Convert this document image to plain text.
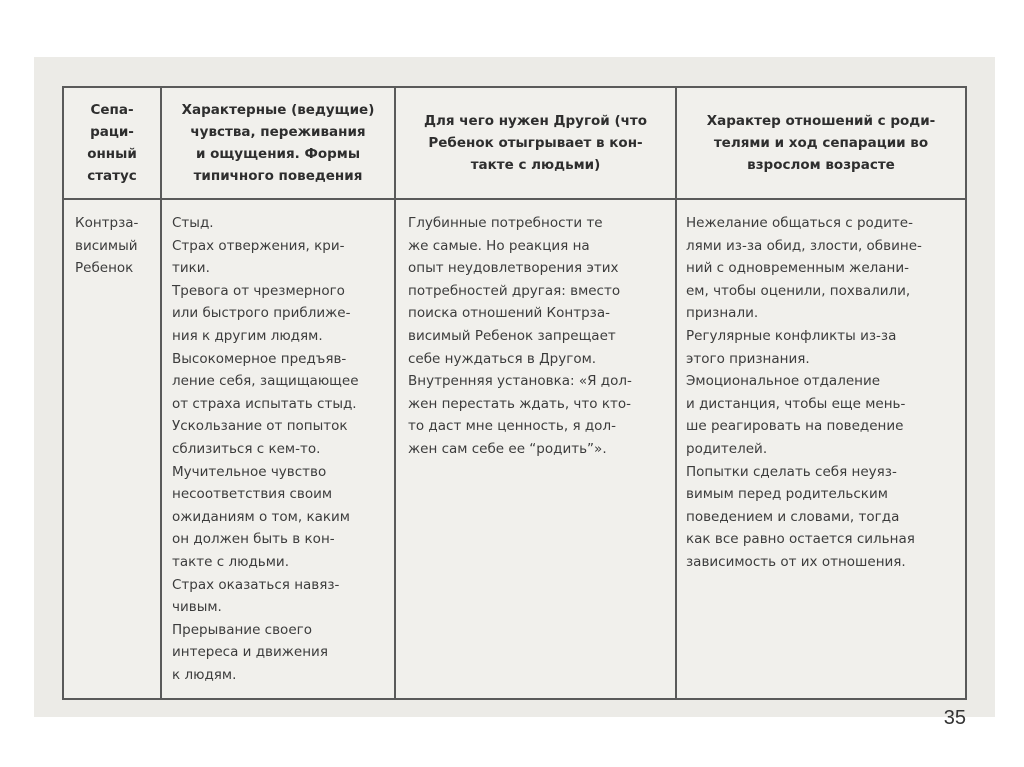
Сепа-
раци-
онный
статус
Характерные (ведущие)
чувства, переживания
и ощущения. Формы
типичного поведения
Для чего нужен Другой (что
Ребенок отыгрывает в кон-
такте с людьми)
Характер отношений с роди-
телями и ход сепарации во
взрослом возрасте
Контрза-
висимый
Ребенок
Стыд.
Страх отвержения, кри-
тики.
Тревога от чрезмерного
или быстрого приближе-
ния к другим людям.
Высокомерное предъяв-
ление себя, защищающее
от страха испытать стыд.
Ускользание от попыток
сблизиться с кем-то.
Мучительное чувство
несоответствия своим
ожиданиям о том, каким
он должен быть в кон-
такте с людьми.
Страх оказаться навяз-
чивым.
Прерывание своего
интереса и движения
к людям.
Глубинные потребности те
же самые. Но реакция на
опыт неудовлетворения этих
потребностей другая: вместо
поиска отношений Контрза-
висимый Ребенок запрещает
себе нуждаться в Другом.
Внутренняя установка: «Я дол-
жен перестать ждать, что кто-
то даст мне ценность, я дол-
жен сам себе ее “родить”».
Нежелание общаться с родите-
лями из-за обид, злости, обвине-
ний с одновременным желани-
ем, чтобы оценили, похвалили,
признали.
Регулярные конфликты из-за
этого признания.
Эмоциональное отдаление
и дистанция, чтобы еще мень-
ше реагировать на поведение
родителей.
Попытки сделать себя неуяз-
вимым перед родительским
поведением и словами, тогда
как все равно остается сильная
зависимость от их отношения.
35
